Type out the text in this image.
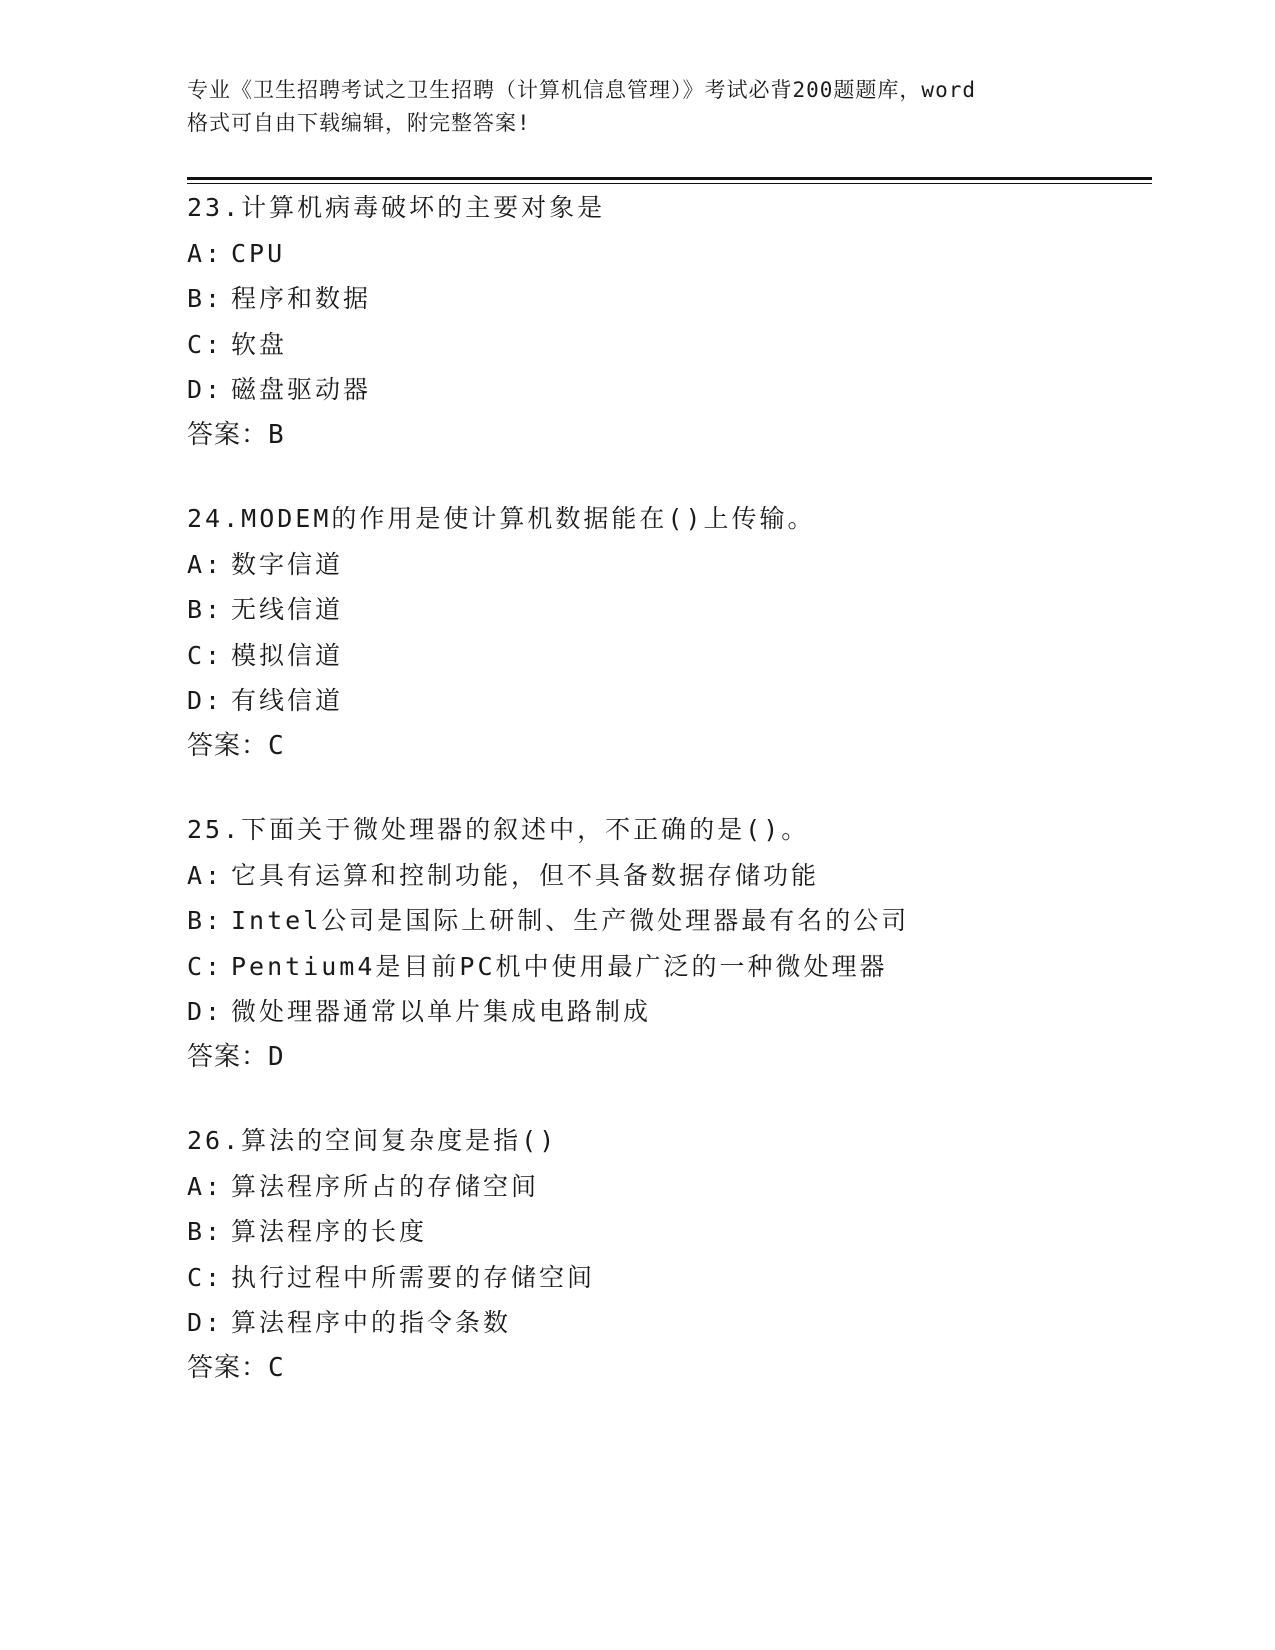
专业《卫生招聘考试之卫生招聘（计算机信息管理）》考试必背200题题库，word
格式可自由下载编辑，附完整答案!
23.计算机病毒破坏的主要对象是
A: CPU
B: 程序和数据
C: 软盘
D: 磁盘驱动器
答案：B
24.MODEM的作用是使计算机数据能在()上传输。
A: 数字信道
B: 无线信道
C: 模拟信道
D: 有线信道
答案：C
25.下面关于微处理器的叙述中，不正确的是()。
A: 它具有运算和控制功能，但不具备数据存储功能
B: Intel公司是国际上研制、生产微处理器最有名的公司
C: Pentium4是目前PC机中使用最广泛的一种微处理器
D: 微处理器通常以单片集成电路制成
答案：D
26.算法的空间复杂度是指()
A: 算法程序所占的存储空间
B: 算法程序的长度
C: 执行过程中所需要的存储空间
D: 算法程序中的指令条数
答案：C
